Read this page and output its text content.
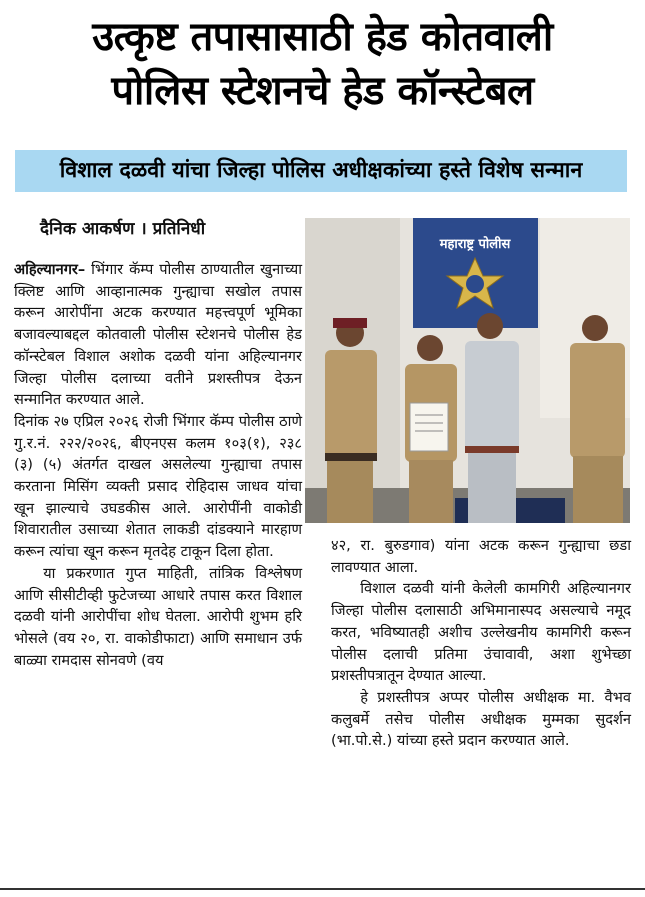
उत्कृष्ट तपासासाठी हेड कोतवाली
पोलिस स्टेशनचे हेड कॉन्स्टेबल
विशाल दळवी यांचा जिल्हा पोलिस अधीक्षकांच्या हस्ते विशेष सन्मान
दैनिक आकर्षण । प्रतिनिधी

अहिल्यानगर– भिंगार कॅम्प पोलीस ठाण्यातील खुनाच्या क्लिष्ट आणि आव्हानात्मक गुन्ह्याचा सखोल तपास करून आरोपींना अटक करण्यात महत्त्वपूर्ण भूमिका बजावल्याबद्दल कोतवाली पोलीस स्टेशनचे पोलीस हेड कॉन्स्टेबल विशाल अशोक दळवी यांना अहिल्यानगर जिल्हा पोलीस दलाच्या वतीने प्रशस्तीपत्र देऊन सन्मानित करण्यात आले.

दिनांक २७ एप्रिल २०२६ रोजी भिंगार कॅम्प पोलीस ठाणे गु.र.नं. २२२/२०२६, बीएनएस कलम १०३(१), २३८ (३) (५) अंतर्गत दाखल असलेल्या गुन्ह्याचा तपास करताना मिसिंग व्यक्ती प्रसाद रोहिदास जाधव यांचा खून झाल्याचे उघडकीस आले. आरोपींनी वाकोडी शिवारातील उसाच्या शेतात लाकडी दांडक्याने मारहाण करून त्यांचा खून करून मृतदेह टाकून दिला होता.

या प्रकरणात गुप्त माहिती, तांत्रिक विश्लेषण आणि सीसीटीव्ही फुटेजच्या आधारे तपास करत विशाल दळवी यांनी आरोपींचा शोध घेतला. आरोपी शुभम हरि भोसले (वय २०, रा. वाकोडीफाटा) आणि समाधान उर्फ बाळ्या रामदास सोनवणे (वय

महाराष्ट्र पोलीस

४२, रा. बुरुडगाव) यांना अटक करून गुन्ह्याचा छडा लावण्यात आला.

विशाल दळवी यांनी केलेली कामगिरी अहिल्यानगर जिल्हा पोलीस दलासाठी अभिमानास्पद असल्याचे नमूद करत, भविष्यातही अशीच उल्लेखनीय कामगिरी करून पोलीस दलाची प्रतिमा उंचावावी, अशा शुभेच्छा प्रशस्तीपत्रातून देण्यात आल्या.

हे प्रशस्तीपत्र अप्पर पोलीस अधीक्षक मा. वैभव कलुबर्मे तसेच पोलीस अधीक्षक मुम्मका सुदर्शन (भा.पो.से.) यांच्या हस्ते प्रदान करण्यात आले.
